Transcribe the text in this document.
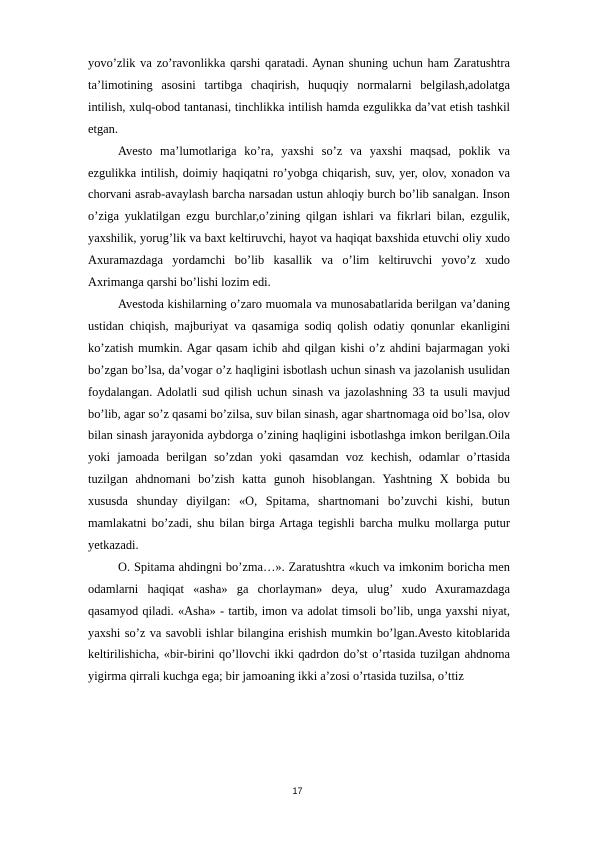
yovo’zlik va zo’ravonlikka qarshi qaratadi. Aynan shuning uchun ham Zaratushtra ta’limotining asosini tartibga chaqirish, huquqiy normalarni belgilash,adolatga intilish, xulq-obod tantanasi, tinchlikka intilish hamda ezgulikka da’vat etish tashkil etgan.

Avesto ma’lumotlariga ko’ra, yaxshi so’z va yaxshi maqsad, poklik va ezgulikka intilish, doimiy haqiqatni ro’yobga chiqarish, suv, yer, olov, xonadon va chorvani asrab-avaylash barcha narsadan ustun ahloqiy burch bo’lib sanalgan. Inson o’ziga yuklatilgan ezgu burchlar,o’zining qilgan ishlari va fikrlari bilan, ezgulik, yaxshilik, yorug’lik va baxt keltiruvchi, hayot va haqiqat baxshida etuvchi oliy xudo Axuramazdaga yordamchi bo’lib kasallik va o’lim keltiruvchi yovo’z xudo Axrimanga qarshi bo’lishi lozim edi.

Avestoda kishilarning o’zaro muomala va munosabatlarida berilgan va’daning ustidan chiqish, majburiyat va qasamiga sodiq qolish odatiy qonunlar ekanligini ko’zatish mumkin. Agar qasam ichib ahd qilgan kishi o’z ahdini bajarmagan yoki bo’zgan bo’lsa, da’vogar o’z haqligini isbotlash uchun sinash va jazolanish usulidan foydalangan. Adolatli sud qilish uchun sinash va jazolashning 33 ta usuli mavjud bo’lib, agar so’z qasami bo’zilsa, suv bilan sinash, agar shartnomaga oid bo’lsa, olov bilan sinash jarayonida aybdorga o’zining haqligini isbotlashga imkon berilgan.Oila yoki jamoada berilgan so’zdan yoki qasamdan voz kechish, odamlar o’rtasida tuzilgan ahdnomani bo’zish katta gunoh hisoblangan. Yashtning X bobida bu xususda shunday diyilgan: «O, Spitama, shartnomani bo’zuvchi kishi, butun mamlakatni bo’zadi, shu bilan birga Artaga tegishli barcha mulku mollarga putur yetkazadi.

O. Spitama ahdingni bo’zma…». Zaratushtra «kuch va imkonim boricha men odamlarni haqiqat «asha» ga chorlayman» deya, ulug’ xudo Axuramazdaga qasamyod qiladi. «Asha» - tartib, imon va adolat timsoli bo’lib, unga yaxshi niyat, yaxshi so’z va savobli ishlar bilangina erishish mumkin bo’lgan.Avesto kitoblarida keltirilishicha, «bir-birini qo’llovchi ikki qadrdon do’st o’rtasida tuzilgan ahdnoma yigirma qirrali kuchga ega; bir jamoaning ikki a’zosi o’rtasida tuzilsa, o’ttiz

17
